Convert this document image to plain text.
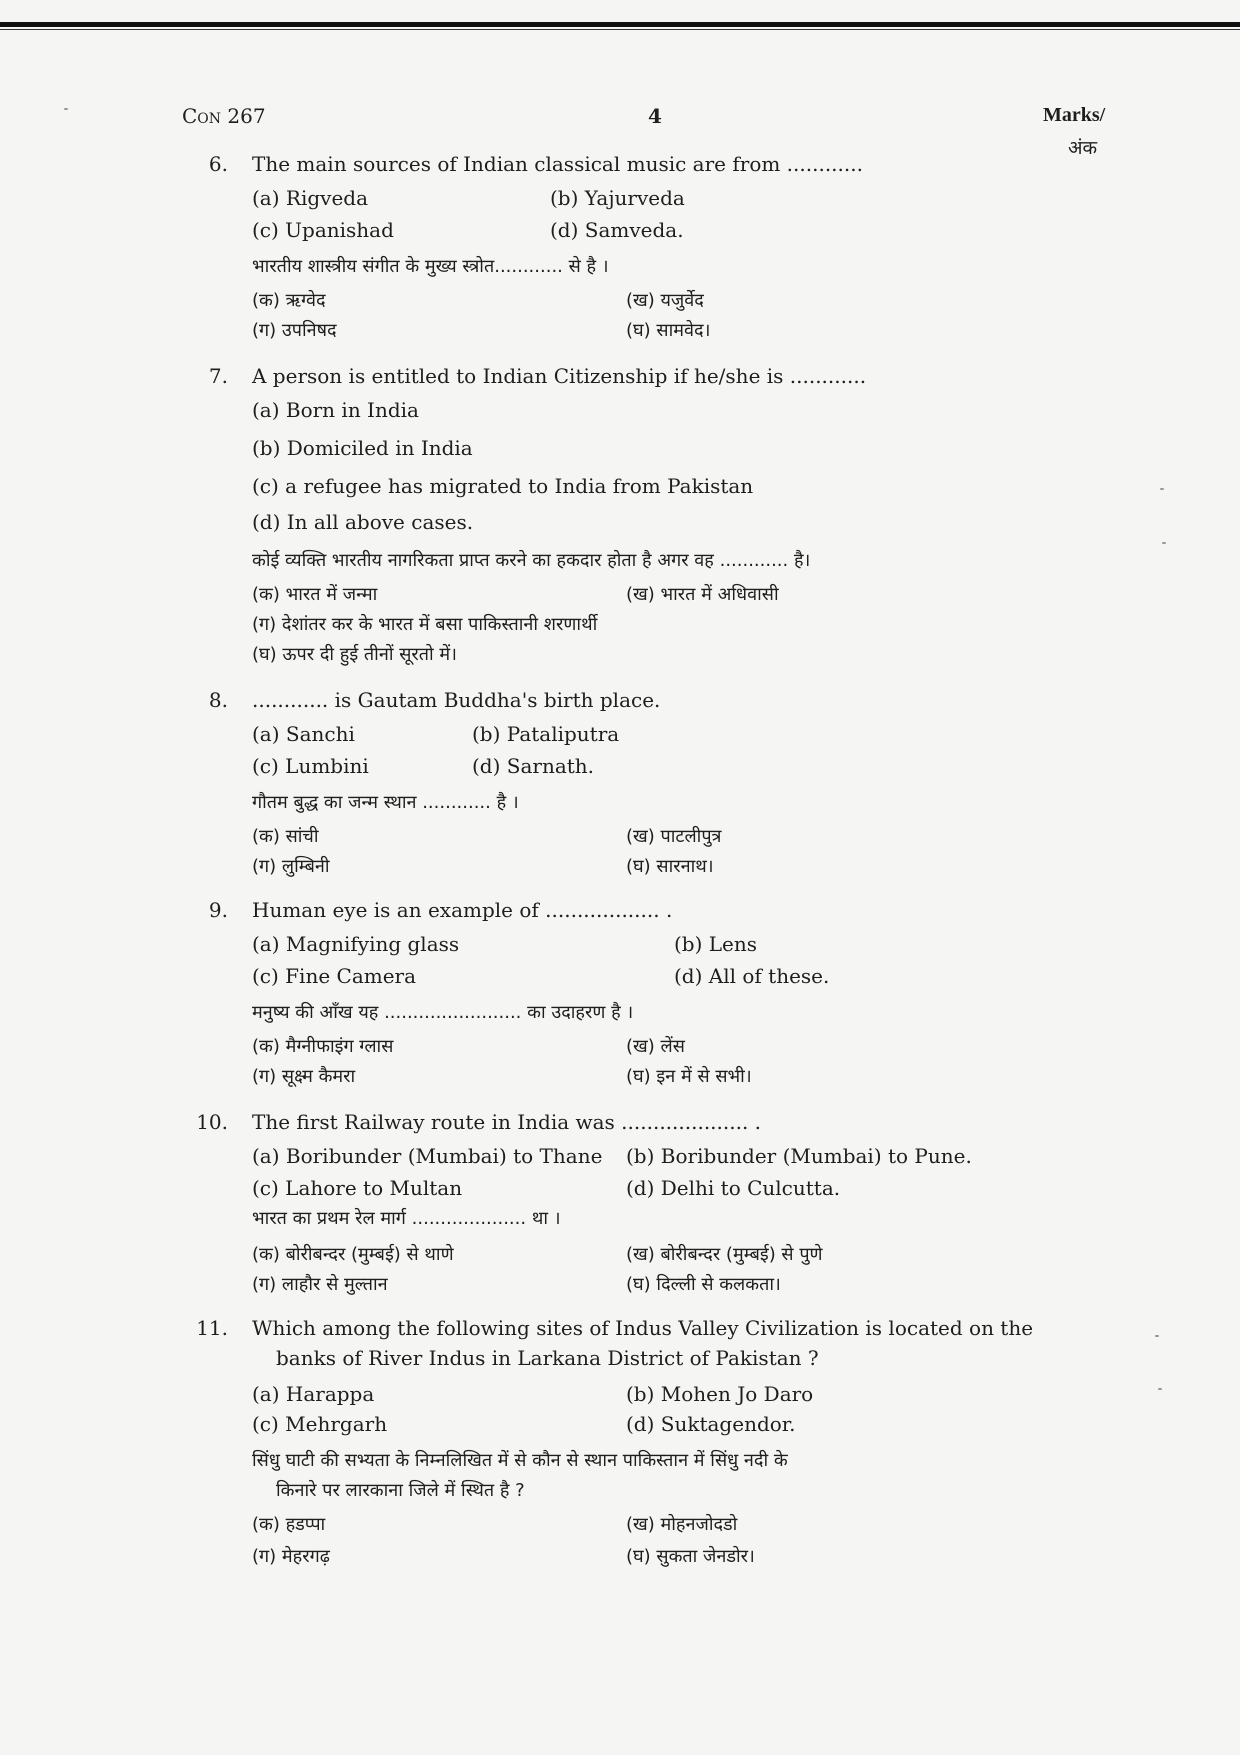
Con 267	4	Marks/
अंक
6. The main sources of Indian classical music are from ............
(a) Rigveda	(b) Yajurveda
(c) Upanishad	(d) Samveda.
भारतीय शास्त्रीय संगीत के मुख्य स्त्रोत............ से है ।
(क) ऋग्वेद	(ख) यजुर्वेद
(ग) उपनिषद	(घ) सामवेद।
7. A person is entitled to Indian Citizenship if he/she is ............
(a) Born in India
(b) Domiciled in India
(c) a refugee has migrated to India from Pakistan
(d) In all above cases.
कोई व्यक्ति भारतीय नागरिकता प्राप्त करने का हकदार होता है अगर वह ............ है।
(क) भारत में जन्मा	(ख) भारत में अधिवासी
(ग) देशांतर कर के भारत में बसा पाकिस्तानी शरणार्थी
(घ) ऊपर दी हुई तीनों सूरतो में।
8. ............ is Gautam Buddha's birth place.
(a) Sanchi	(b) Pataliputra
(c) Lumbini	(d) Sarnath.
गौतम बुद्ध का जन्म स्थान ............ है ।
(क) सांची	(ख) पाटलीपुत्र
(ग) लुम्बिनी	(घ) सारनाथ।
9. Human eye is an example of .................. .
(a) Magnifying glass	(b) Lens
(c) Fine Camera	(d) All of these.
मनुष्य की आँख यह ........................ का उदाहरण है ।
(क) मैग्नीफाइंग ग्लास	(ख) लेंस
(ग) सूक्ष्म कैमरा	(घ) इन में से सभी।
10. The first Railway route in India was .................... .
(a) Boribunder (Mumbai) to Thane (b) Boribunder (Mumbai) to Pune.
(c) Lahore to Multan	(d) Delhi to Culcutta.
भारत का प्रथम रेल मार्ग .................... था ।
(क) बोरीबन्दर (मुम्बई) से थाणे	(ख) बोरीबन्दर (मुम्बई) से पुणे
(ग) लाहौर से मुल्तान	(घ) दिल्ली से कलकता।
11. Which among the following sites of Indus Valley Civilization is located on the
banks of River Indus in Larkana District of Pakistan ?
(a) Harappa	(b) Mohen Jo Daro
(c) Mehrgarh	(d) Suktagendor.
सिंधु घाटी की सभ्यता के निम्नलिखित में से कौन से स्थान पाकिस्तान में सिंधु नदी के
किनारे पर लारकाना जिले में स्थित है ?
(क) हडप्पा	(ख) मोहनजोदडो
(ग) मेहरगढ़	(घ) सुकता जेनडोर।
